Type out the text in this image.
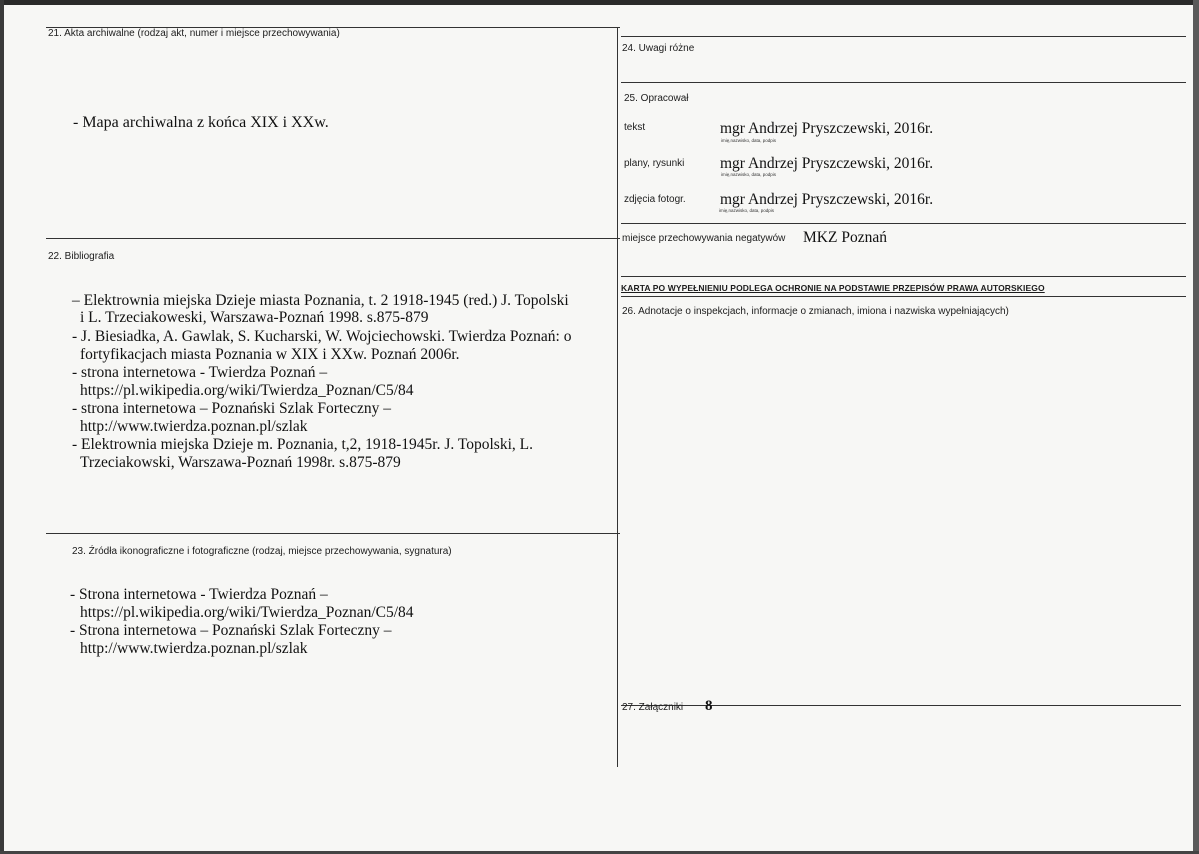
21. Akta archiwalne (rodzaj akt, numer i miejsce przechowywania)
- Mapa archiwalna z końca XIX i XXw.
22. Bibliografia
– Elektrownia miejska Dzieje miasta Poznania, t. 2 1918-1945 (red.) J. Topolski
i L. Trzeciakoweski, Warszawa-Poznań 1998. s.875-879
- J. Biesiadka, A. Gawlak, S. Kucharski, W. Wojciechowski. Twierdza Poznań: o
fortyfikacjach miasta Poznania w XIX i XXw. Poznań 2006r.
- strona internetowa - Twierdza Poznań –
https://pl.wikipedia.org/wiki/Twierdza_Poznan/C5/84
- strona internetowa – Poznański Szlak Forteczny –
http://www.twierdza.poznan.pl/szlak
- Elektrownia miejska Dzieje m. Poznania, t,2, 1918-1945r. J. Topolski, L.
Trzeciakowski, Warszawa-Poznań 1998r. s.875-879
23. Źródła ikonograficzne i fotograficzne (rodzaj, miejsce przechowywania, sygnatura)
- Strona internetowa - Twierdza Poznań –
https://pl.wikipedia.org/wiki/Twierdza_Poznan/C5/84
- Strona internetowa – Poznański Szlak Forteczny –
http://www.twierdza.poznan.pl/szlak
24. Uwagi różne
25. Opracował
tekst	mgr Andrzej Pryszczewski, 2016r.
imię,nazwisko, data, podpis
plany, rysunki mgr Andrzej Pryszczewski, 2016r.
imię,nazwisko, data, podpis
zdjęcia fotogr. mgr Andrzej Pryszczewski, 2016r.
imię,nazwisko, data, podpis
miejsce przechowywania negatywów MKZ Poznań
KARTA PO WYPEŁNIENIU PODLEGA OCHRONIE NA PODSTAWIE PRZEPISÓW PRAWA AUTORSKIEGO
26. Adnotacje o inspekcjach, informacje o zmianach, imiona i nazwiska wypełniających)
27. Załączniki 8
